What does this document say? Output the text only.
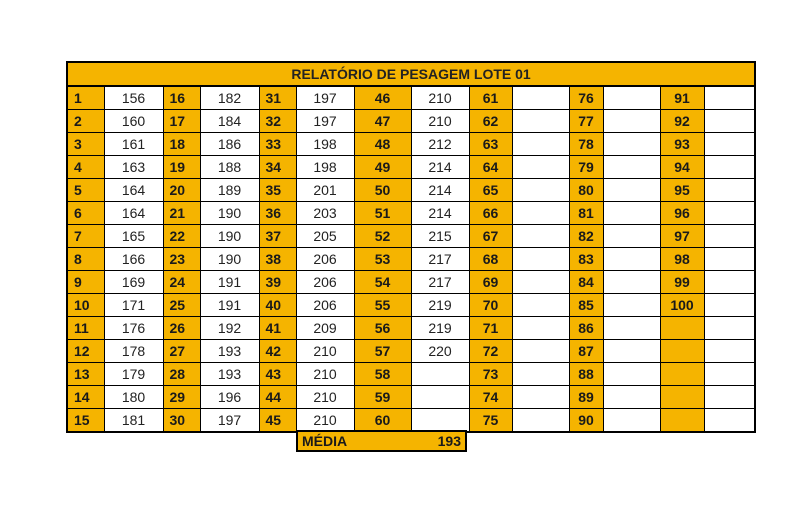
RELATÓRIO DE PESAGEM LOTE 01													
1	156	16	182	31	197	46	210	61		76		91	
2	160	17	184	32	197	47	210	62		77		92	
3	161	18	186	33	198	48	212	63		78		93	
4	163	19	188	34	198	49	214	64		79		94	
5	164	20	189	35	201	50	214	65		80		95	
6	164	21	190	36	203	51	214	66		81		96	
7	165	22	190	37	205	52	215	67		82		97	
8	166	23	190	38	206	53	217	68		83		98	
9	169	24	191	39	206	54	217	69		84		99	
10	171	25	191	40	206	55	219	70		85		100	
11	176	26	192	41	209	56	219	71		86			
12	178	27	193	42	210	57	220	72		87			
13	179	28	193	43	210	58		73		88			
14	180	29	196	44	210	59		74		89			
15	181	30	197	45	210	60		75		90			
MÉDIA	193
